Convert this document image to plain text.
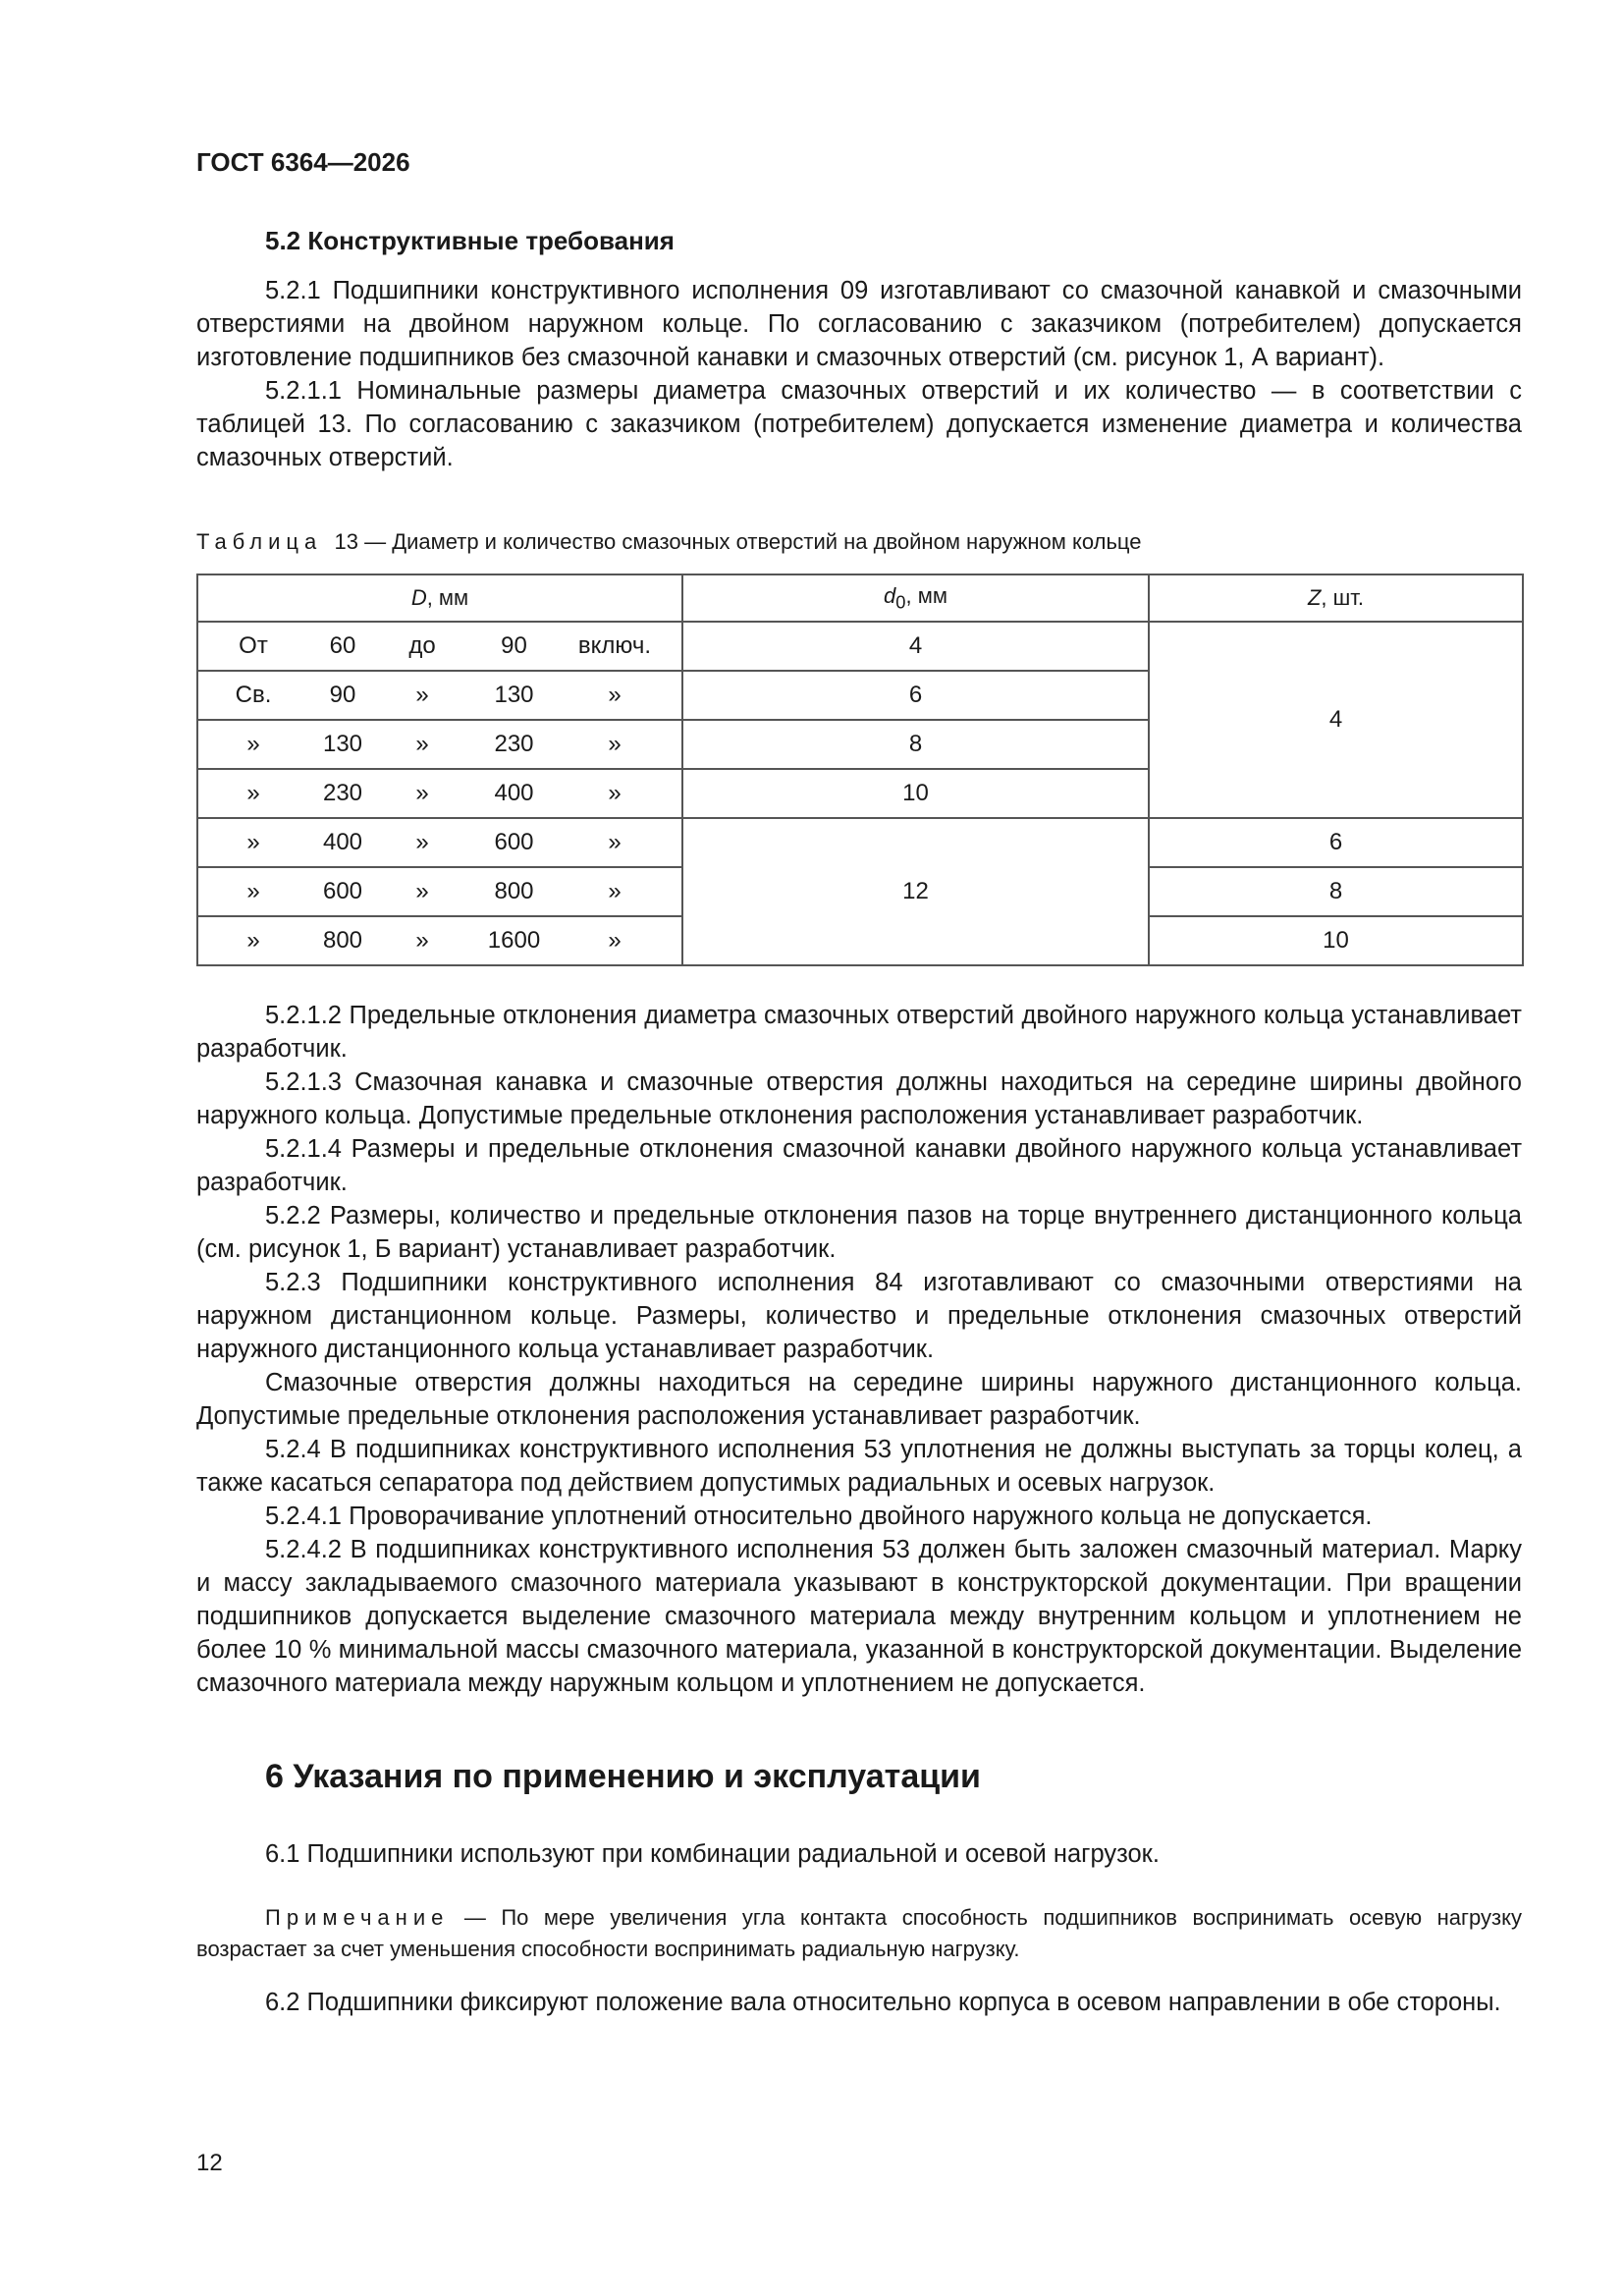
ГОСТ 6364—2026
5.2 Конструктивные требования

5.2.1 Подшипники конструктивного исполнения 09 изготавливают со смазочной канавкой и смазочными отверстиями на двойном наружном кольце. По согласованию с заказчиком (потребителем) допускается изготовление подшипников без смазочной канавки и смазочных отверстий (см. рисунок 1, А вариант).

5.2.1.1 Номинальные размеры диаметра смазочных отверстий и их количество — в соответствии с таблицей 13. По согласованию с заказчиком (потребителем) допускается изменение диаметра и количества смазочных отверстий.

Таблица 13 — Диаметр и количество смазочных отверстий на двойном наружном кольце
D, мм	$d_0$, мм	Z, шт.

От 60 до 90 включ.	4	4

Св. 90 » 130 »	6	

» 130 » 230 »	8	

» 230 » 400 »	10	

» 400 » 600 »	12	6

» 600 » 800 »		8

» 800 » 1600 »		10

5.2.1.2 Предельные отклонения диаметра смазочных отверстий двойного наружного кольца устанавливает разработчик.

5.2.1.3 Смазочная канавка и смазочные отверстия должны находиться на середине ширины двойного наружного кольца. Допустимые предельные отклонения расположения устанавливает разработчик.

5.2.1.4 Размеры и предельные отклонения смазочной канавки двойного наружного кольца устанавливает разработчик.

5.2.2 Размеры, количество и предельные отклонения пазов на торце внутреннего дистанционного кольца (см. рисунок 1, Б вариант) устанавливает разработчик.

5.2.3 Подшипники конструктивного исполнения 84 изготавливают со смазочными отверстиями на наружном дистанционном кольце. Размеры, количество и предельные отклонения смазочных отверстий наружного дистанционного кольца устанавливает разработчик.

Смазочные отверстия должны находиться на середине ширины наружного дистанционного кольца. Допустимые предельные отклонения расположения устанавливает разработчик.

5.2.4 В подшипниках конструктивного исполнения 53 уплотнения не должны выступать за торцы колец, а также касаться сепаратора под действием допустимых радиальных и осевых нагрузок.

5.2.4.1 Проворачивание уплотнений относительно двойного наружного кольца не допускается.

5.2.4.2 В подшипниках конструктивного исполнения 53 должен быть заложен смазочный материал. Марку и массу закладываемого смазочного материала указывают в конструкторской документации. При вращении подшипников допускается выделение смазочного материала между внутренним кольцом и уплотнением не более 10 % минимальной массы смазочного материала, указанной в конструкторской документации. Выделение смазочного материала между наружным кольцом и уплотнением не допускается.

6 Указания по применению и эксплуатации

6.1 Подшипники используют при комбинации радиальной и осевой нагрузок.

Примечание — По мере увеличения угла контакта способность подшипников воспринимать осевую нагрузку возрастает за счет уменьшения способности воспринимать радиальную нагрузку.

6.2 Подшипники фиксируют положение вала относительно корпуса в осевом направлении в обе стороны.

12
